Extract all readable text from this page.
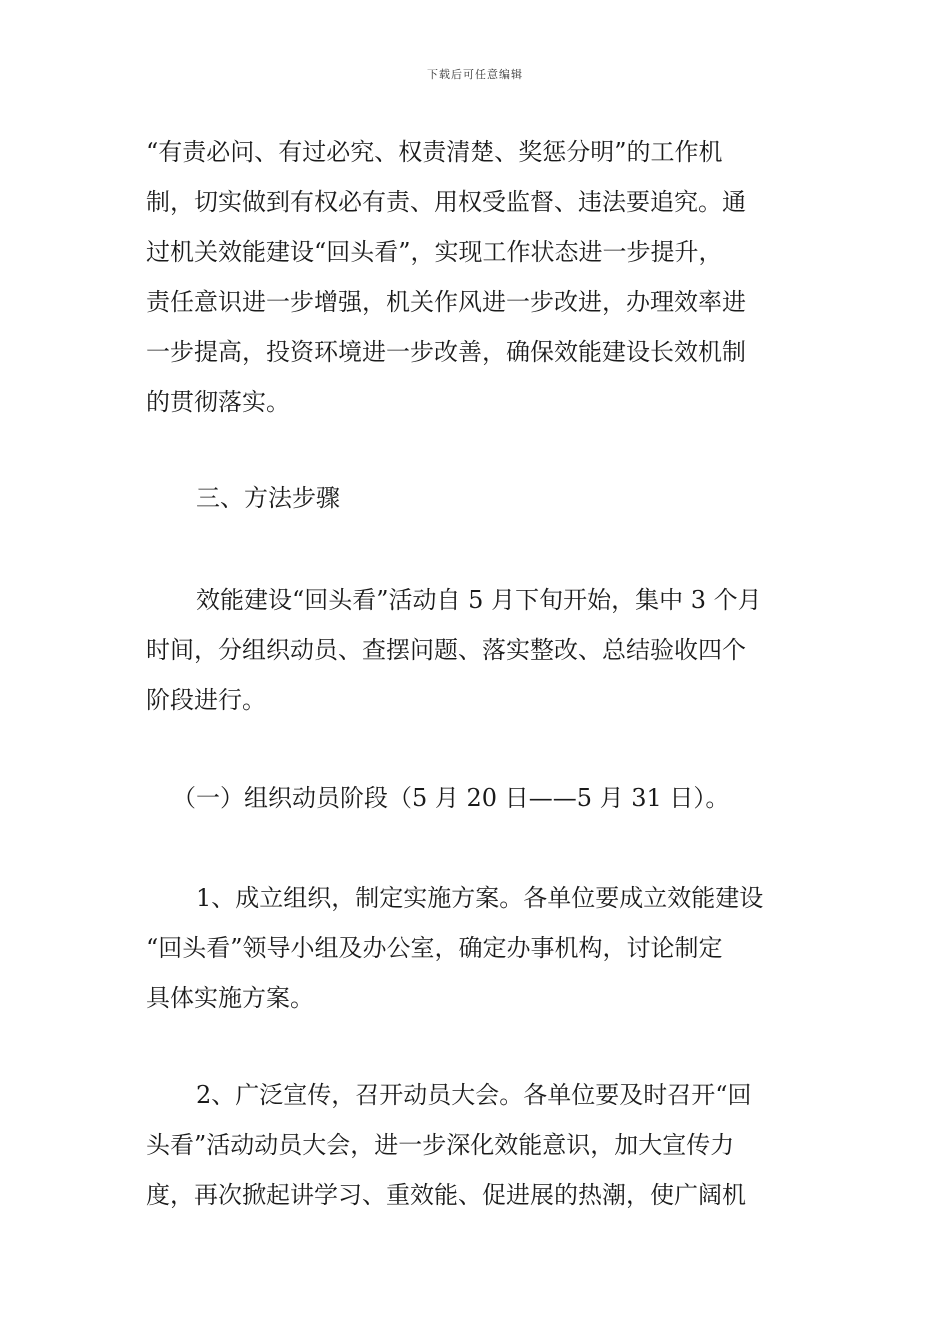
下载后可任意编辑
“有责必问、有过必究、权责清楚、奖惩分明”的工作机
制，切实做到有权必有责、用权受监督、违法要追究。通
过机关效能建设“回头看”，实现工作状态进一步提升，
责任意识进一步增强，机关作风进一步改进，办理效率进
一步提高，投资环境进一步改善，确保效能建设长效机制
的贯彻落实。
三、方法步骤
效能建设“回头看”活动自 5 月下旬开始，集中 3 个月
时间，分组织动员、查摆问题、落实整改、总结验收四个
阶段进行。
（一）组织动员阶段（5 月 20 日——5 月 31 日）。
1、成立组织，制定实施方案。各单位要成立效能建设
“回头看”领导小组及办公室，确定办事机构，讨论制定
具体实施方案。
2、广泛宣传，召开动员大会。各单位要及时召开“回
头看”活动动员大会，进一步深化效能意识，加大宣传力
度，再次掀起讲学习、重效能、促进展的热潮，使广阔机
